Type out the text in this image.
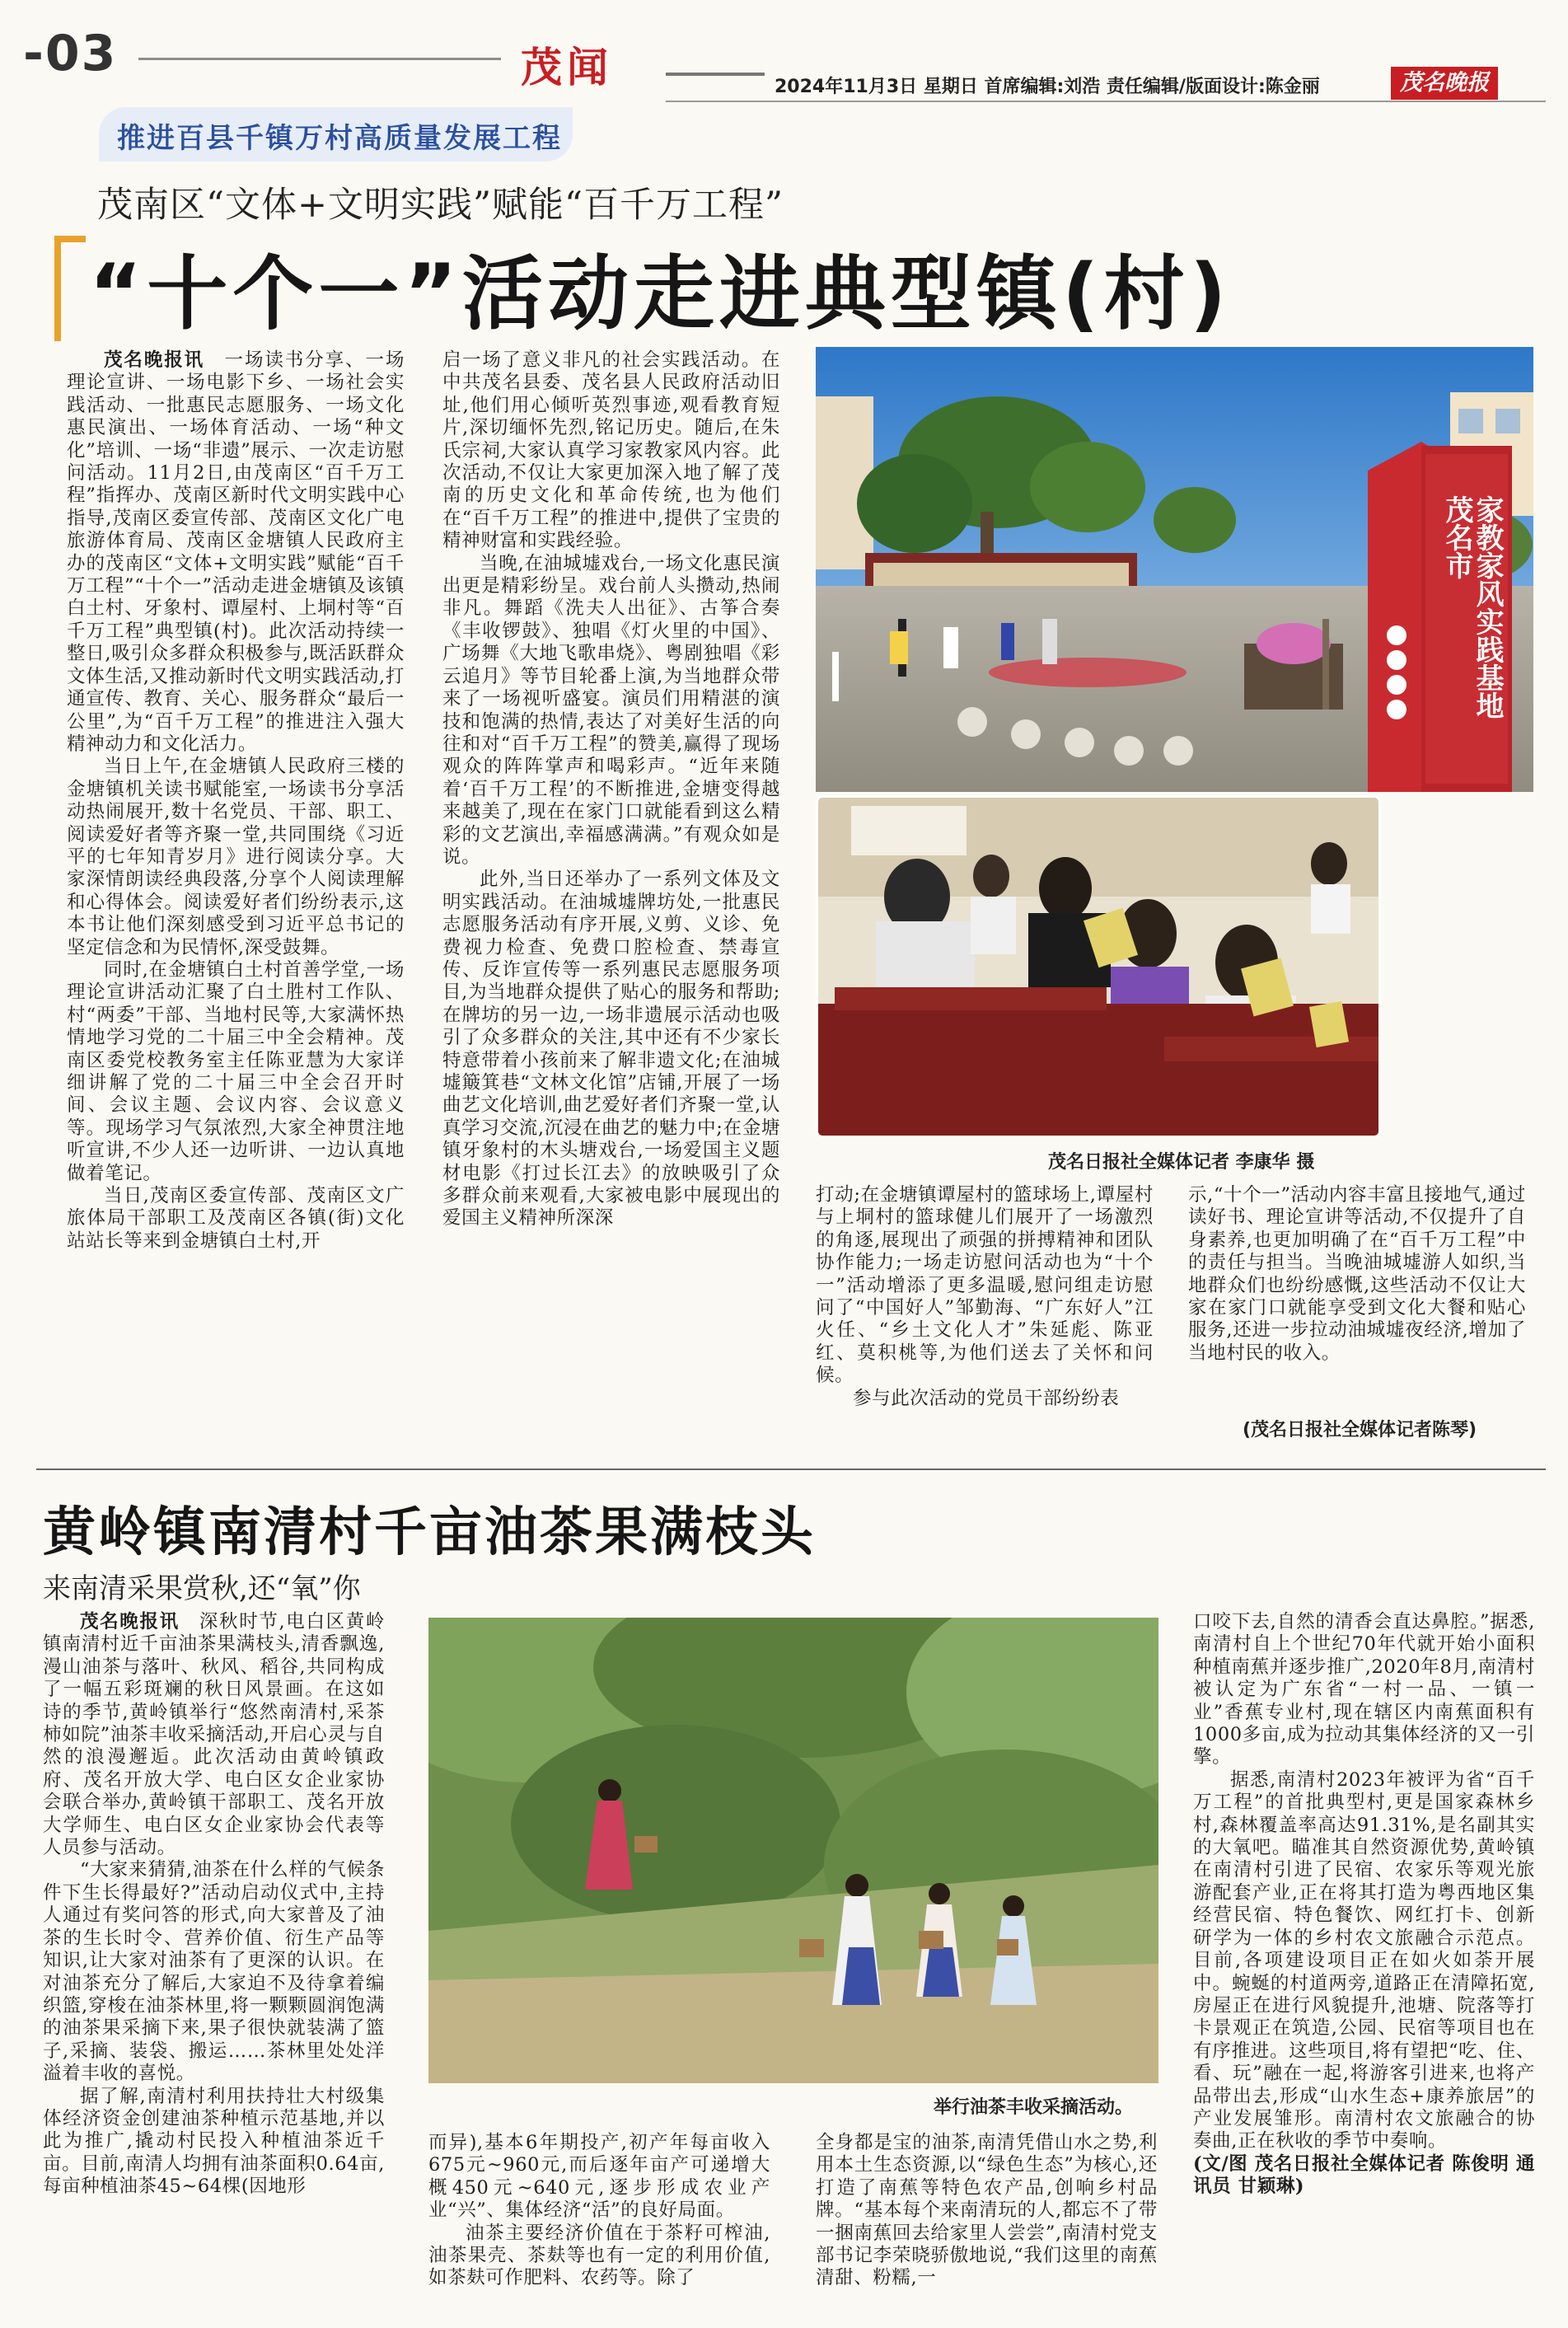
-03	茂闻	2024年11月3日 星期日 首席编辑:刘浩 责任编辑/版面设计:陈金丽	茂名晚报
推进百县千镇万村高质量发展工程
茂南区“文体+文明实践”赋能“百千万工程”
“十个一”活动走进典型镇(村)

茂名晚报讯  一场读书分享、一场理论宣讲、一场电影下乡、一场社会实践活动、一批惠民志愿服务、一场文化惠民演出、一场体育活动、一场“种文化”培训、一场“非遗”展示、一次走访慰问活动。11月2日,由茂南区“百千万工程”指挥办、茂南区新时代文明实践中心指导,茂南区委宣传部、茂南区文化广电旅游体育局、茂南区金塘镇人民政府主办的茂南区“文体+文明实践”赋能“百千万工程”“十个一”活动走进金塘镇及该镇白土村、牙象村、谭屋村、上垌村等“百千万工程”典型镇(村)。此次活动持续一整日,吸引众多群众积极参与,既活跃群众文体生活,又推动新时代文明实践活动,打通宣传、教育、关心、服务群众“最后一公里”,为“百千万工程”的推进注入强大精神动力和文化活力。

当日上午,在金塘镇人民政府三楼的金塘镇机关读书赋能室,一场读书分享活动热闹展开,数十名党员、干部、职工、阅读爱好者等齐聚一堂,共同围绕《习近平的七年知青岁月》进行阅读分享。大家深情朗读经典段落,分享个人阅读理解和心得体会。阅读爱好者们纷纷表示,这本书让他们深刻感受到习近平总书记的坚定信念和为民情怀,深受鼓舞。

同时,在金塘镇白土村首善学堂,一场理论宣讲活动汇聚了白土胜村工作队、村“两委”干部、当地村民等,大家满怀热情地学习党的二十届三中全会精神。茂南区委党校教务室主任陈亚慧为大家详细讲解了党的二十届三中全会召开时间、会议主题、会议内容、会议意义等。现场学习气氛浓烈,大家全神贯注地听宣讲,不少人还一边听讲、一边认真地做着笔记。

当日,茂南区委宣传部、茂南区文广旅体局干部职工及茂南区各镇(街)文化站站长等来到金塘镇白土村,开

启一场了意义非凡的社会实践活动。在中共茂名县委、茂名县人民政府活动旧址,他们用心倾听英烈事迹,观看教育短片,深切缅怀先烈,铭记历史。随后,在朱氏宗祠,大家认真学习家教家风内容。此次活动,不仅让大家更加深入地了解了茂南的历史文化和革命传统,也为他们在“百千万工程”的推进中,提供了宝贵的精神财富和实践经验。

当晚,在油城墟戏台,一场文化惠民演出更是精彩纷呈。戏台前人头攒动,热闹非凡。舞蹈《洗夫人出征》、古筝合奏《丰收锣鼓》、独唱《灯火里的中国》、广场舞《大地飞歌串烧》、粤剧独唱《彩云追月》等节目轮番上演,为当地群众带来了一场视听盛宴。演员们用精湛的演技和饱满的热情,表达了对美好生活的向往和对“百千万工程”的赞美,赢得了现场观众的阵阵掌声和喝彩声。“近年来随着‘百千万工程’的不断推进,金塘变得越来越美了,现在在家门口就能看到这么精彩的文艺演出,幸福感满满。”有观众如是说。

此外,当日还举办了一系列文体及文明实践活动。在油城墟牌坊处,一批惠民志愿服务活动有序开展,义剪、义诊、免费视力检查、免费口腔检查、禁毒宣传、反诈宣传等一系列惠民志愿服务项目,为当地群众提供了贴心的服务和帮助;在牌坊的另一边,一场非遗展示活动也吸引了众多群众的关注,其中还有不少家长特意带着小孩前来了解非遗文化;在油城墟簸箕巷“文林文化馆”店铺,开展了一场曲艺文化培训,曲艺爱好者们齐聚一堂,认真学习交流,沉浸在曲艺的魅力中;在金塘镇牙象村的木头塘戏台,一场爱国主义题材电影《打过长江去》的放映吸引了众多群众前来观看,大家被电影中展现出的爱国主义精神所深深

茂名市
家教家风实践基地
茂名日报社全媒体记者 李康华 摄

打动;在金塘镇谭屋村的篮球场上,谭屋村与上垌村的篮球健儿们展开了一场激烈的角逐,展现出了顽强的拼搏精神和团队协作能力;一场走访慰问活动也为“十个一”活动增添了更多温暖,慰问组走访慰问了“中国好人”邹勤海、“广东好人”江火任、“乡土文化人才”朱延彪、陈亚红、莫积桃等,为他们送去了关怀和问候。

参与此次活动的党员干部纷纷表

示,“十个一”活动内容丰富且接地气,通过读好书、理论宣讲等活动,不仅提升了自身素养,也更加明确了在“百千万工程”中的责任与担当。当晚油城墟游人如织,当地群众们也纷纷感慨,这些活动不仅让大家在家门口就能享受到文化大餐和贴心服务,还进一步拉动油城墟夜经济,增加了当地村民的收入。

(茂名日报社全媒体记者陈琴)
黄岭镇南清村千亩油茶果满枝头
来南清采果赏秋,还“氧”你

茂名晚报讯  深秋时节,电白区黄岭镇南清村近千亩油茶果满枝头,清香飘逸,漫山油茶与落叶、秋风、稻谷,共同构成了一幅五彩斑斓的秋日风景画。在这如诗的季节,黄岭镇举行“悠然南清村,采茶柿如院”油茶丰收采摘活动,开启心灵与自然的浪漫邂逅。此次活动由黄岭镇政府、茂名开放大学、电白区女企业家协会联合举办,黄岭镇干部职工、茂名开放大学师生、电白区女企业家协会代表等人员参与活动。

“大家来猜猜,油茶在什么样的气候条件下生长得最好?”活动启动仪式中,主持人通过有奖问答的形式,向大家普及了油茶的生长时令、营养价值、衍生产品等知识,让大家对油茶有了更深的认识。在对油茶充分了解后,大家迫不及待拿着编织篮,穿梭在油茶林里,将一颗颗圆润饱满的油茶果采摘下来,果子很快就装满了篮子,采摘、装袋、搬运……茶林里处处洋溢着丰收的喜悦。

据了解,南清村利用扶持壮大村级集体经济资金创建油茶种植示范基地,并以此为推广,撬动村民投入种植油茶近千亩。目前,南清人均拥有油茶面积0.64亩,每亩种植油茶45~64棵(因地形

举行油茶丰收采摘活动。

而异),基本6年期投产,初产年每亩收入675元~960元,而后逐年亩产可递增大概450元~640元,逐步形成农业产业“兴”、集体经济“活”的良好局面。

油茶主要经济价值在于茶籽可榨油,油茶果壳、茶麸等也有一定的利用价值,如茶麸可作肥料、农药等。除了

全身都是宝的油茶,南清凭借山水之势,利用本土生态资源,以“绿色生态”为核心,还打造了南蕉等特色农产品,创响乡村品牌。“基本每个来南清玩的人,都忘不了带一捆南蕉回去给家里人尝尝”,南清村党支部书记李荣晓骄傲地说,“我们这里的南蕉清甜、粉糯,一

口咬下去,自然的清香会直达鼻腔。”据悉,南清村自上个世纪70年代就开始小面积种植南蕉并逐步推广,2020年8月,南清村被认定为广东省“一村一品、一镇一业”香蕉专业村,现在辖区内南蕉面积有1000多亩,成为拉动其集体经济的又一引擎。

据悉,南清村2023年被评为省“百千万工程”的首批典型村,更是国家森林乡村,森林覆盖率高达91.31%,是名副其实的大氧吧。瞄准其自然资源优势,黄岭镇在南清村引进了民宿、农家乐等观光旅游配套产业,正在将其打造为粤西地区集经营民宿、特色餐饮、网红打卡、创新研学为一体的乡村农文旅融合示范点。目前,各项建设项目正在如火如荼开展中。蜿蜒的村道两旁,道路正在清障拓宽,房屋正在进行风貌提升,池塘、院落等打卡景观正在筑造,公园、民宿等项目也在有序推进。这些项目,将有望把“吃、住、看、玩”融在一起,将游客引进来,也将产品带出去,形成“山水生态+康养旅居”的产业发展雏形。南清村农文旅融合的协奏曲,正在秋收的季节中奏响。

(文/图 茂名日报社全媒体记者 陈俊明 通讯员 甘颖琳)
